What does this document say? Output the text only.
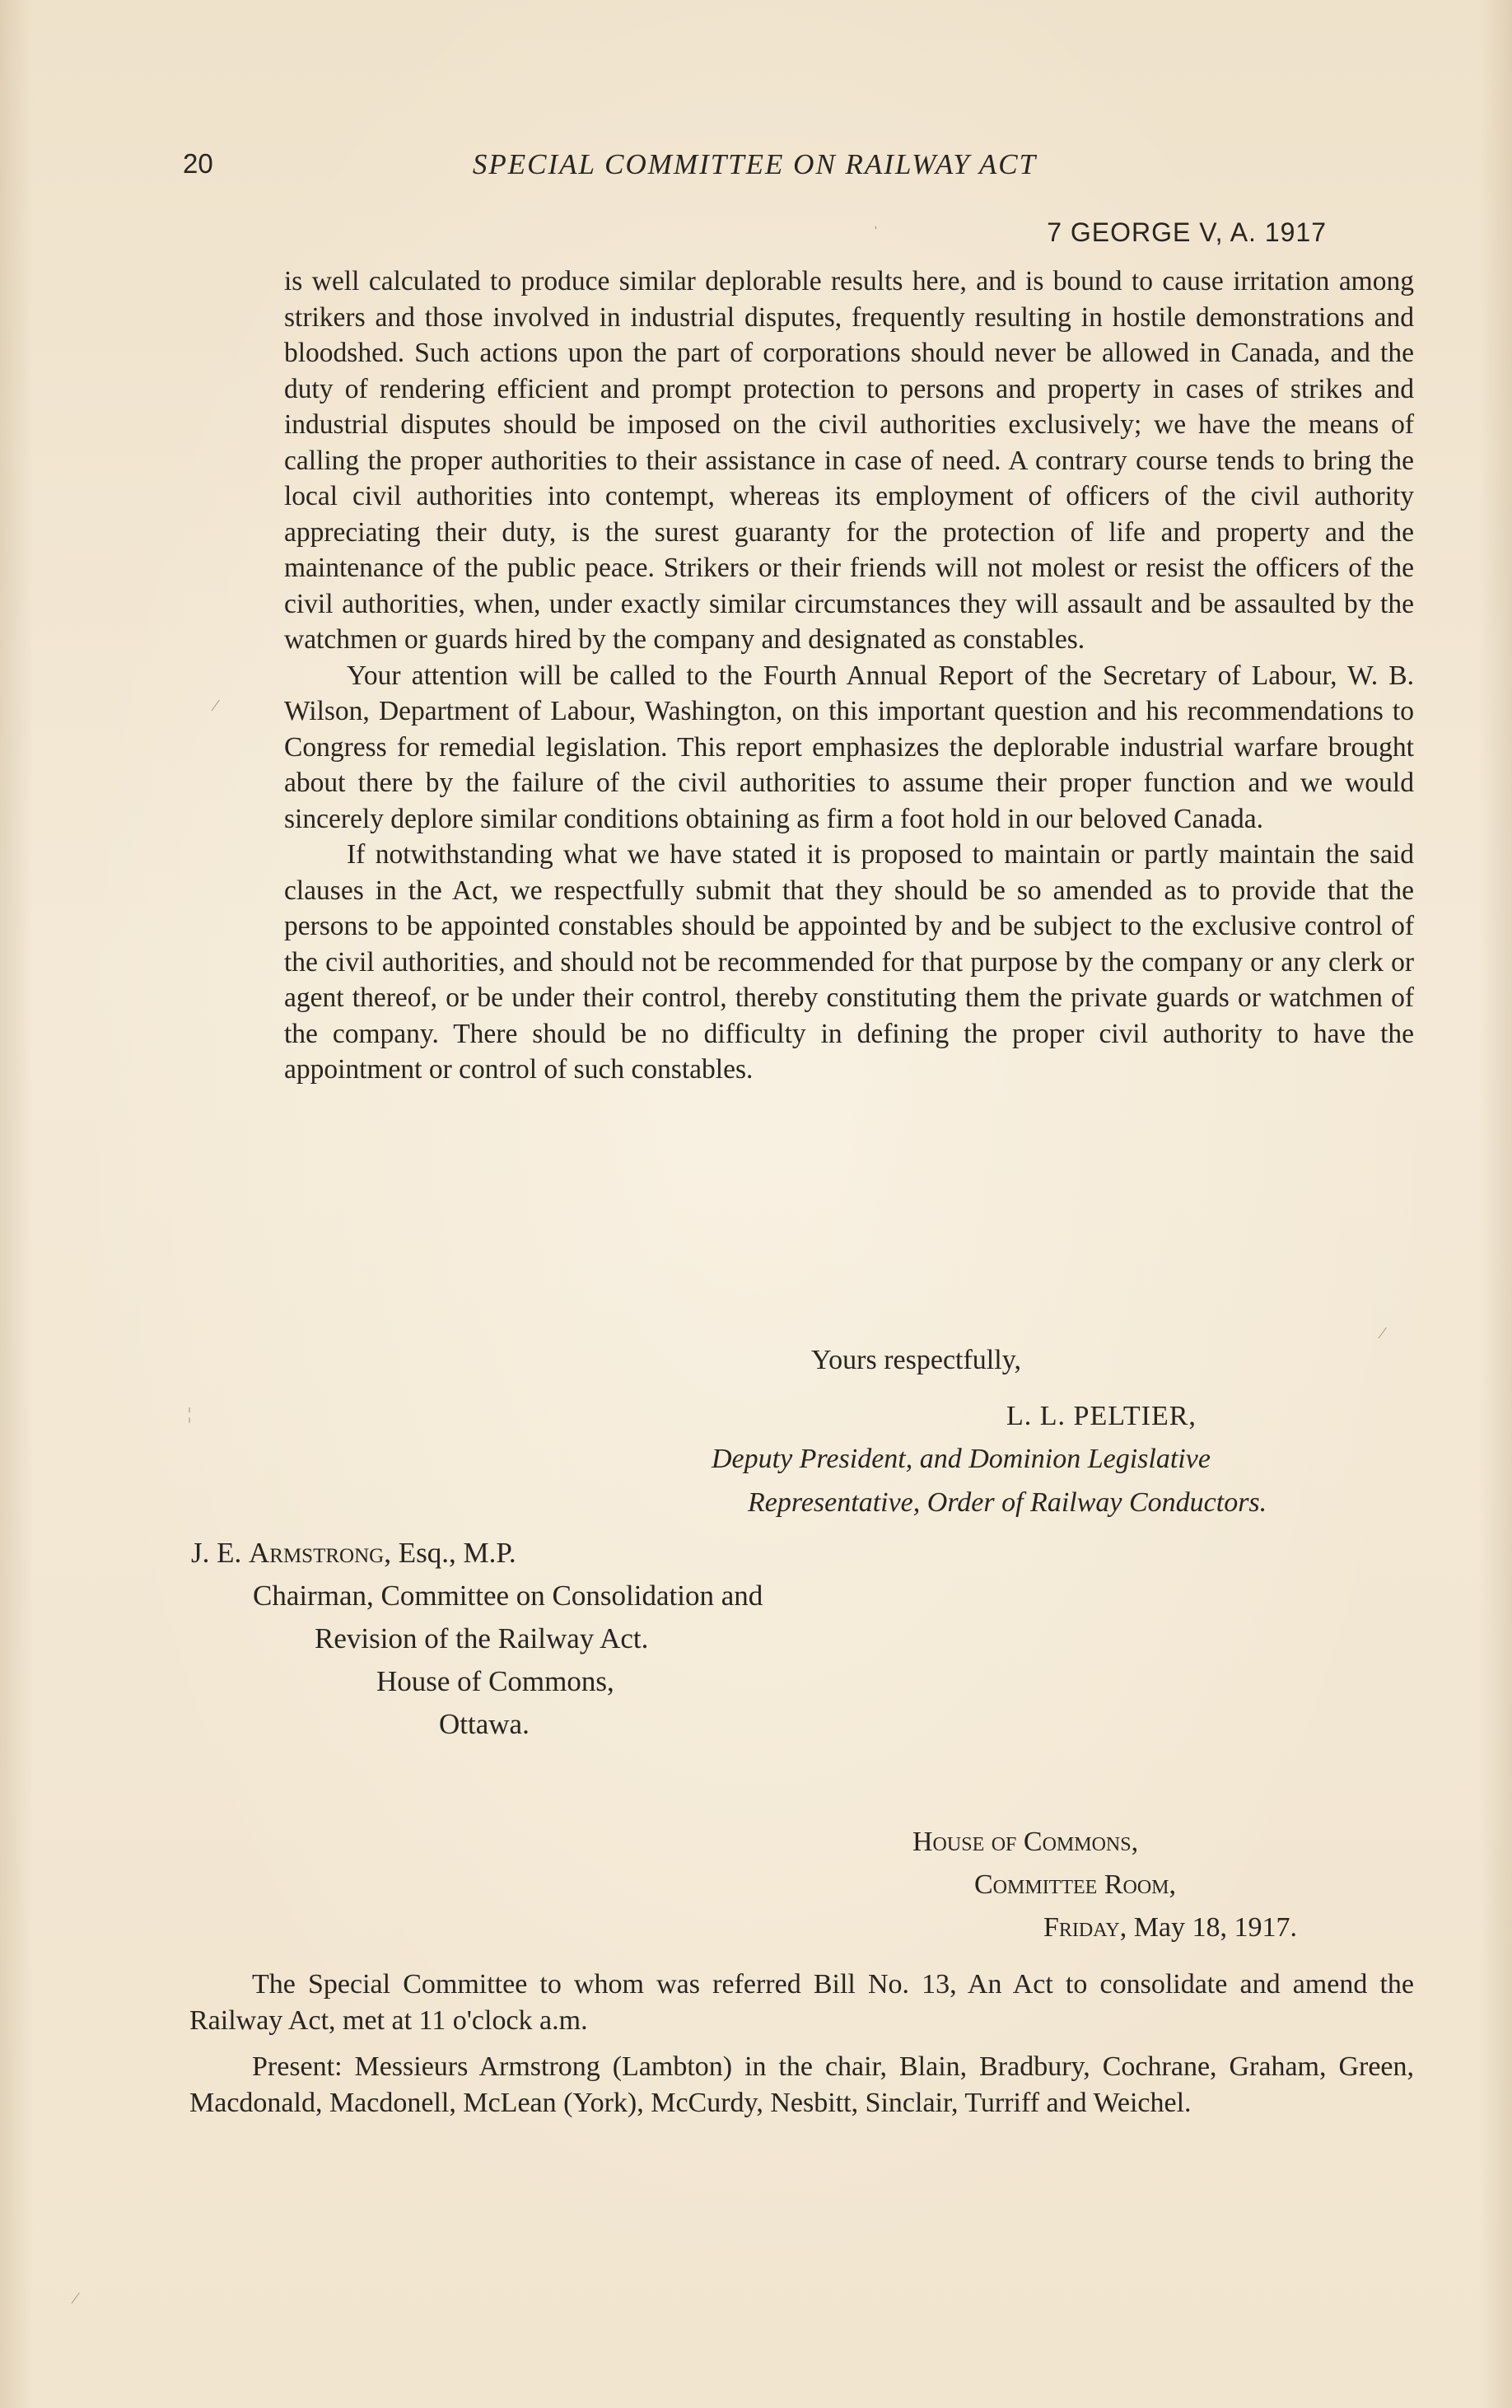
20	SPECIAL COMMITTEE ON RAILWAY ACT
7 GEORGE V, A. 1917

is well calculated to produce similar deplorable results here, and is bound to cause irritation among strikers and those involved in industrial disputes, frequently resulting in hostile demonstrations and bloodshed. Such actions upon the part of corporations should never be allowed in Canada, and the duty of rendering efficient and prompt protection to persons and property in cases of strikes and industrial disputes should be imposed on the civil authorities exclusively; we have the means of calling the proper authorities to their assistance in case of need. A contrary course tends to bring the local civil authorities into contempt, whereas its employment of officers of the civil authority appreciating their duty, is the surest guaranty for the protection of life and property and the maintenance of the public peace. Strikers or their friends will not molest or resist the officers of the civil authorities, when, under exactly similar circumstances they will assault and be assaulted by the watchmen or guards hired by the company and designated as constables.

Your attention will be called to the Fourth Annual Report of the Secretary of Labour, W. B. Wilson, Department of Labour, Washington, on this important question and his recommendations to Congress for remedial legislation. This report emphasizes the deplorable industrial warfare brought about there by the failure of the civil authorities to assume their proper function and we would sincerely deplore similar conditions obtaining as firm a foot hold in our beloved Canada.

If notwithstanding what we have stated it is proposed to maintain or partly maintain the said clauses in the Act, we respectfully submit that they should be so amended as to provide that the persons to be appointed constables should be appointed by and be subject to the exclusive control of the civil authorities, and should not be recommended for that purpose by the company or any clerk or agent thereof, or be under their control, thereby constituting them the private guards or watchmen of the company. There should be no difficulty in defining the proper civil authority to have the appointment or control of such constables.

Yours respectfully,
L. L. PELTIER,
Deputy President, and Dominion Legislative
Representative, Order of Railway Conductors.
J. E. Armstrong, Esq., M.P.
Chairman, Committee on Consolidation and
Revision of the Railway Act.
House of Commons,
Ottawa.
House of Commons,
Committee Room,
Friday, May 18, 1917.

The Special Committee to whom was referred Bill No. 13, An Act to consolidate and amend the Railway Act, met at 11 o'clock a.m.

Present: Messieurs Armstrong (Lambton) in the chair, Blain, Bradbury, Cochrane, Graham, Green, Macdonald, Macdonell, McLean (York), McCurdy, Nesbitt, Sinclair, Turriff and Weichel.

⁄
¦
⁄
ˈ
⁄
